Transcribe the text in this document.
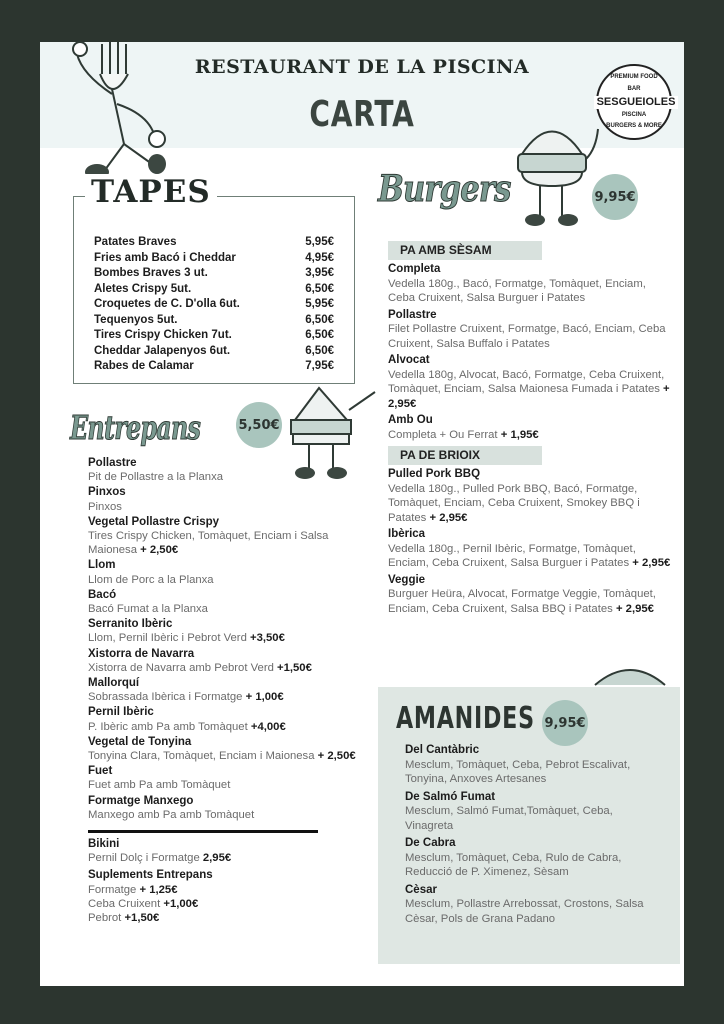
RESTAURANT DE LA PISCINA
CARTA
PREMIUM FOOD
BAR
SESGUEIOLES
PISCINA
BURGERS & MORE
TAPES
Patates Braves	5,95€
Fries amb Bacó i Cheddar	4,95€
Bombes Braves 3 ut.	3,95€
Aletes Crispy 5ut.	6,50€
Croquetes de C. D'olla 6ut.	5,95€
Tequenyos 5ut.	6,50€
Tires Crispy Chicken 7ut.	6,50€
Cheddar Jalapenyos 6ut.	6,50€
Rabes de Calamar	7,95€
Burgers	9,95€
PA AMB SÈSAM
Completa
Vedella 180g., Bacó, Formatge, Tomàquet, Enciam, Ceba Cruixent, Salsa Burguer i Patates
Pollastre
Filet Pollastre Cruixent, Formatge, Bacó, Enciam, Ceba Cruixent, Salsa Buffalo i Patates
Alvocat
Vedella 180g, Alvocat, Bacó, Formatge, Ceba Cruixent, Tomàquet, Enciam, Salsa Maionesa Fumada i Patates + 2,95€
Amb Ou
Completa + Ou Ferrat + 1,95€
PA DE BRIOIX
Pulled Pork BBQ
Vedella 180g., Pulled Pork BBQ, Bacó, Formatge, Tomàquet, Enciam, Ceba Cruixent, Smokey BBQ i Patates + 2,95€
Ibèrica
Vedella 180g., Pernil Ibèric, Formatge, Tomàquet, Enciam, Ceba Cruixent, Salsa Burguer i Patates + 2,95€
Veggie
Burguer Heüra, Alvocat, Formatge Veggie, Tomàquet, Enciam, Ceba Cruixent, Salsa BBQ i Patates + 2,95€
Entrepans	5,50€
Pollastre
Pit de Pollastre a la Planxa
Pinxos
Pinxos
Vegetal Pollastre Crispy
Tires Crispy Chicken, Tomàquet, Enciam i Salsa Maionesa + 2,50€
Llom
Llom de Porc a la Planxa
Bacó
Bacó Fumat a la Planxa
Serranito Ibèric
Llom, Pernil Ibèric i Pebrot Verd +3,50€
Xistorra de Navarra
Xistorra de Navarra amb Pebrot Verd +1,50€
Mallorquí
Sobrassada Ibèrica i Formatge + 1,00€
Pernil Ibèric
P. Ibèric amb Pa amb Tomàquet +4,00€
Vegetal de Tonyina
Tonyina Clara, Tomàquet, Enciam i Maionesa + 2,50€
Fuet
Fuet amb Pa amb Tomàquet
Formatge Manxego
Manxego amb Pa amb Tomàquet
Bikini
Pernil Dolç i Formatge 2,95€
Suplements Entrepans
Formatge + 1,25€
Ceba Cruixent +1,00€
Pebrot +1,50€
AMANIDES 9,95€
Del Cantàbric
Mesclum, Tomàquet, Ceba, Pebrot Escalivat, Tonyina, Anxoves Artesanes
De Salmó Fumat
Mesclum, Salmó Fumat,Tomàquet, Ceba, Vinagreta
De Cabra
Mesclum, Tomàquet, Ceba, Rulo de Cabra, Reducció de P. Ximenez, Sèsam
Cèsar
Mesclum, Pollastre Arrebossat, Crostons, Salsa Cèsar, Pols de Grana Padano
